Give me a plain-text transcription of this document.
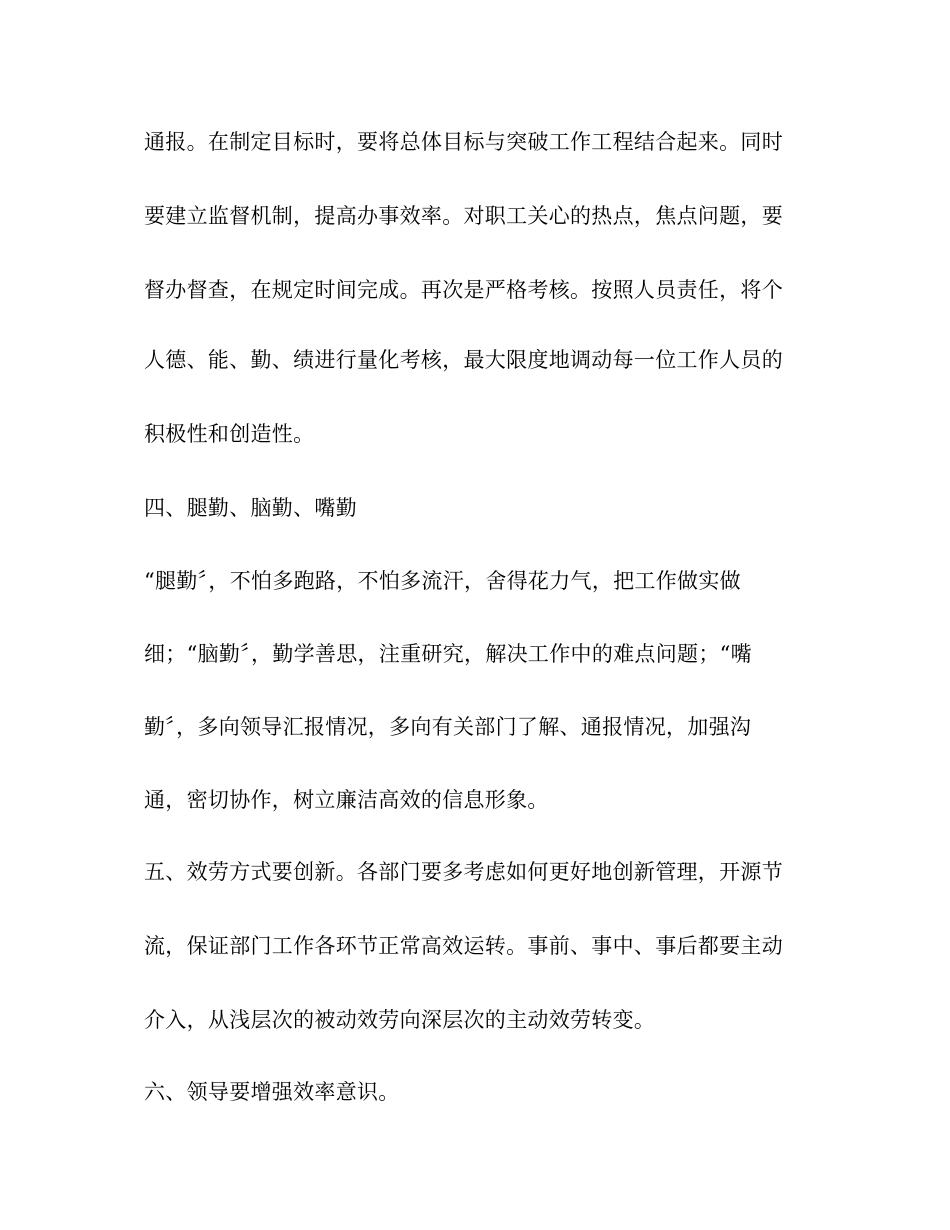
通报。在制定目标时，要将总体目标与突破工作工程结合起来。同时
要建立监督机制，提高办事效率。对职工关心的热点，焦点问题，要
督办督查，在规定时间完成。再次是严格考核。按照人员责任，将个
人德、能、勤、绩进行量化考核，最大限度地调动每一位工作人员的
积极性和创造性。
四、腿勤、脑勤、嘴勤
“腿勤〞，不怕多跑路，不怕多流汗，舍得花力气，把工作做实做
细；“脑勤〞，勤学善思，注重研究，解决工作中的难点问题；“嘴
勤〞，多向领导汇报情况，多向有关部门了解、通报情况，加强沟
通，密切协作，树立廉洁高效的信息形象。
五、效劳方式要创新。各部门要多考虑如何更好地创新管理，开源节
流，保证部门工作各环节正常高效运转。事前、事中、事后都要主动
介入，从浅层次的被动效劳向深层次的主动效劳转变。
六、领导要增强效率意识。
